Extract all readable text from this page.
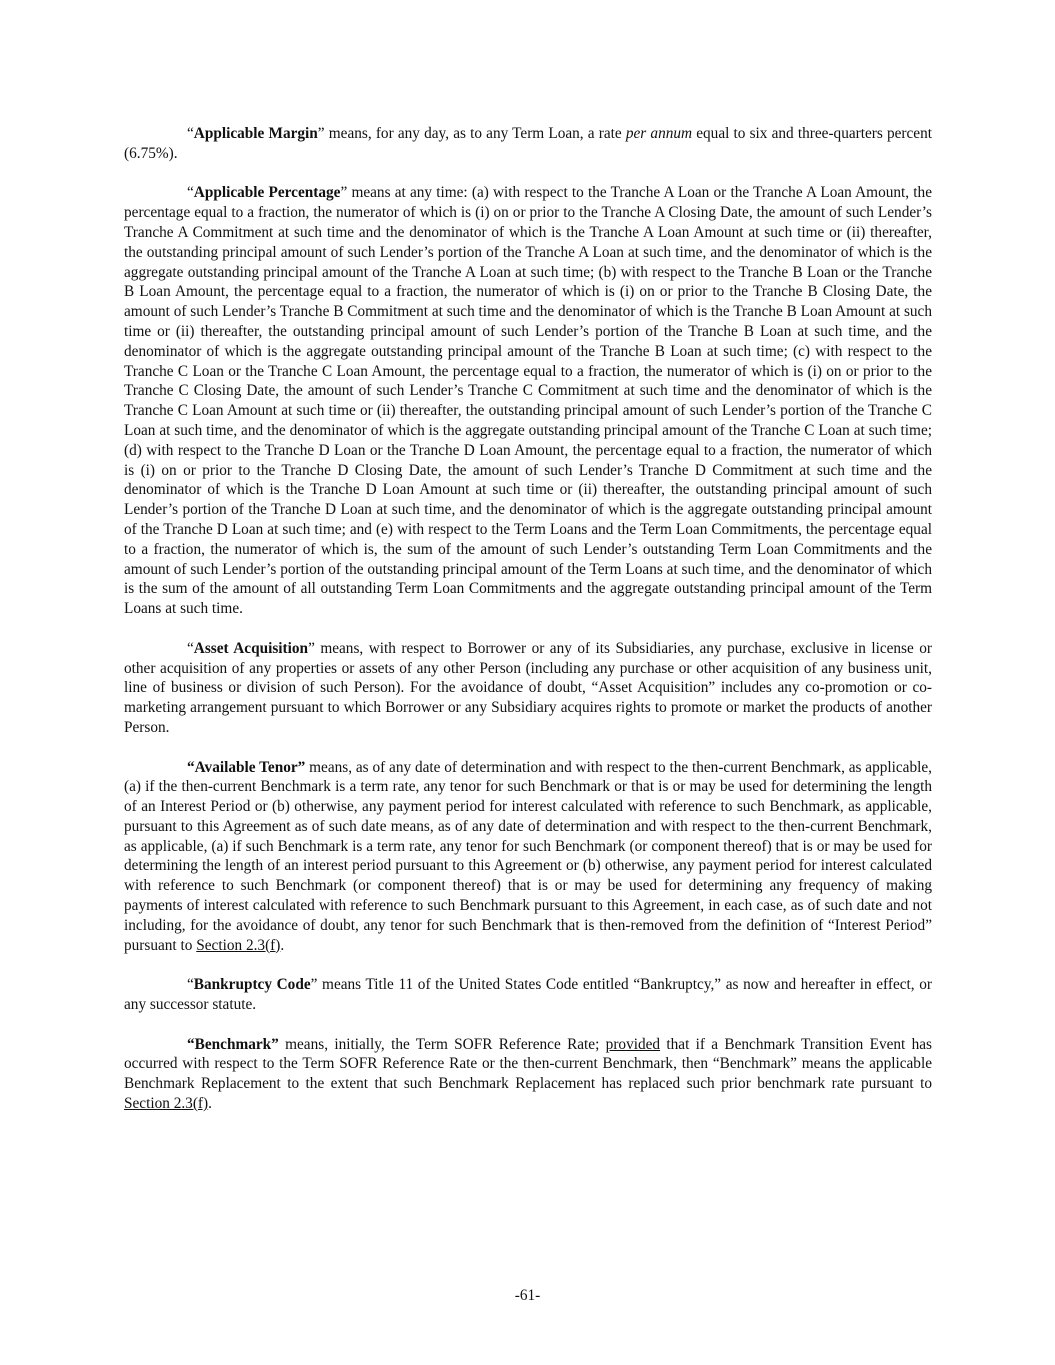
“Applicable Margin” means, for any day, as to any Term Loan, a rate per annum equal to six and three-quarters percent (6.75%).

“Applicable Percentage” means at any time: (a) with respect to the Tranche A Loan or the Tranche A Loan Amount, the percentage equal to a fraction, the numerator of which is (i) on or prior to the Tranche A Closing Date, the amount of such Lender’s Tranche A Commitment at such time and the denominator of which is the Tranche A Loan Amount at such time or (ii) thereafter, the outstanding principal amount of such Lender’s portion of the Tranche A Loan at such time, and the denominator of which is the aggregate outstanding principal amount of the Tranche A Loan at such time; (b) with respect to the Tranche B Loan or the Tranche B Loan Amount, the percentage equal to a fraction, the numerator of which is (i) on or prior to the Tranche B Closing Date, the amount of such Lender’s Tranche B Commitment at such time and the denominator of which is the Tranche B Loan Amount at such time or (ii) thereafter, the outstanding principal amount of such Lender’s portion of the Tranche B Loan at such time, and the denominator of which is the aggregate outstanding principal amount of the Tranche B Loan at such time; (c) with respect to the Tranche C Loan or the Tranche C Loan Amount, the percentage equal to a fraction, the numerator of which is (i) on or prior to the Tranche C Closing Date, the amount of such Lender’s Tranche C Commitment at such time and the denominator of which is the Tranche C Loan Amount at such time or (ii) thereafter, the outstanding principal amount of such Lender’s portion of the Tranche C Loan at such time, and the denominator of which is the aggregate outstanding principal amount of the Tranche C Loan at such time; (d) with respect to the Tranche D Loan or the Tranche D Loan Amount, the percentage equal to a fraction, the numerator of which is (i) on or prior to the Tranche D Closing Date, the amount of such Lender’s Tranche D Commitment at such time and the denominator of which is the Tranche D Loan Amount at such time or (ii) thereafter, the outstanding principal amount of such Lender’s portion of the Tranche D Loan at such time, and the denominator of which is the aggregate outstanding principal amount of the Tranche D Loan at such time; and (e) with respect to the Term Loans and the Term Loan Commitments, the percentage equal to a fraction, the numerator of which is, the sum of the amount of such Lender’s outstanding Term Loan Commitments and the amount of such Lender’s portion of the outstanding principal amount of the Term Loans at such time, and the denominator of which is the sum of the amount of all outstanding Term Loan Commitments and the aggregate outstanding principal amount of the Term Loans at such time.

“Asset Acquisition” means, with respect to Borrower or any of its Subsidiaries, any purchase, exclusive in license or other acquisition of any properties or assets of any other Person (including any purchase or other acquisition of any business unit, line of business or division of such Person). For the avoidance of doubt, “Asset Acquisition” includes any co-promotion or co-marketing arrangement pursuant to which Borrower or any Subsidiary acquires rights to promote or market the products of another Person.

“Available Tenor” means, as of any date of determination and with respect to the then-current Benchmark, as applicable, (a) if the then-current Benchmark is a term rate, any tenor for such Benchmark or that is or may be used for determining the length of an Interest Period or (b) otherwise, any payment period for interest calculated with reference to such Benchmark, as applicable, pursuant to this Agreement as of such date means, as of any date of determination and with respect to the then-current Benchmark, as applicable, (a) if such Benchmark is a term rate, any tenor for such Benchmark (or component thereof) that is or may be used for determining the length of an interest period pursuant to this Agreement or (b) otherwise, any payment period for interest calculated with reference to such Benchmark (or component thereof) that is or may be used for determining any frequency of making payments of interest calculated with reference to such Benchmark pursuant to this Agreement, in each case, as of such date and not including, for the avoidance of doubt, any tenor for such Benchmark that is then-removed from the definition of “Interest Period” pursuant to Section 2.3(f).

“Bankruptcy Code” means Title 11 of the United States Code entitled “Bankruptcy,” as now and hereafter in effect, or any successor statute.

“Benchmark” means, initially, the Term SOFR Reference Rate; provided that if a Benchmark Transition Event has occurred with respect to the Term SOFR Reference Rate or the then-current Benchmark, then “Benchmark” means the applicable Benchmark Replacement to the extent that such Benchmark Replacement has replaced such prior benchmark rate pursuant to Section 2.3(f).

-61-
